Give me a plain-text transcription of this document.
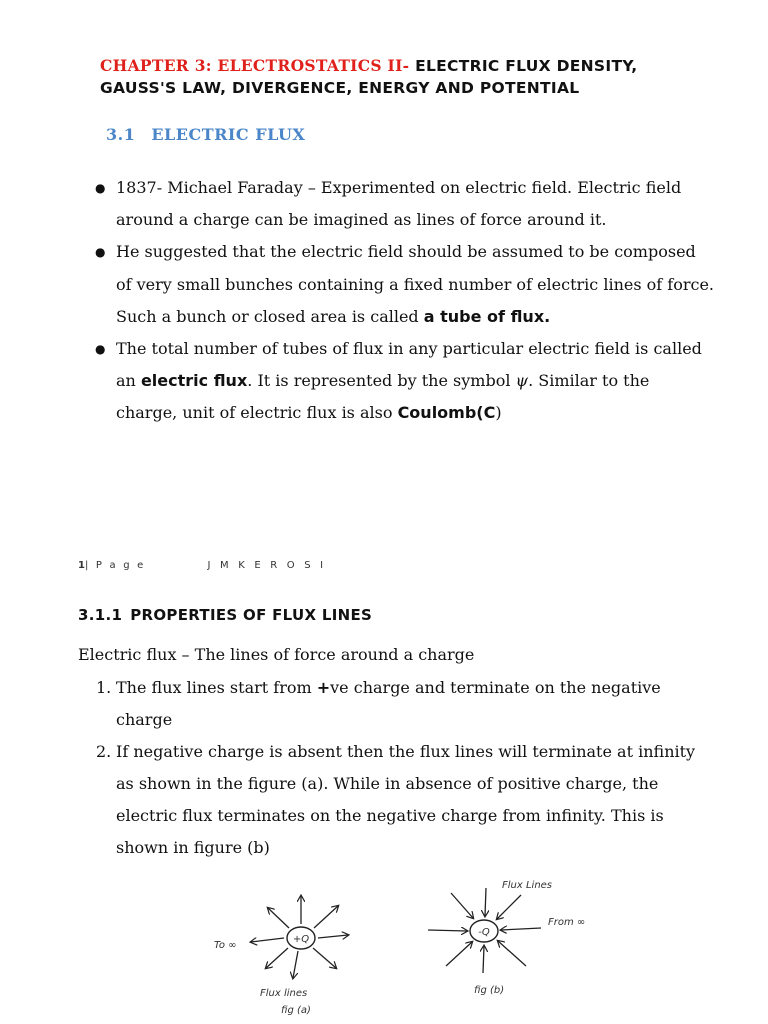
CHAPTER 3: ELECTROSTATICS II- ELECTRIC FLUX DENSITY,
GAUSS'S LAW, DIVERGENCE, ENERGY AND POTENTIAL
3.1 ELECTRIC FLUX
● 1837- Michael Faraday – Experimented on electric field. Electric field around a charge can be imagined as lines of force around it.
● He suggested that the electric field should be assumed to be composed of very small bunches containing a fixed number of electric lines of force. Such a bunch or closed area is called a tube of flux.
● The total number of tubes of flux in any particular electric field is called an electric flux. It is represented by the symbol ψ. Similar to the charge, unit of electric flux is also Coulomb(C)
1| P a g e	J M K E R O S I
3.1.1 PROPERTIES OF FLUX LINES
Electric flux – The lines of force around a charge
1. The flux lines start from +ve charge and terminate on the negative charge
2. If negative charge is absent then the flux lines will terminate at infinity as shown in the figure (a). While in absence of positive charge, the electric flux terminates on the negative charge from infinity. This is shown in figure (b)
+Q
To ∞
Flux lines
fig (a)
-Q
Flux Lines
From ∞
fig (b)
